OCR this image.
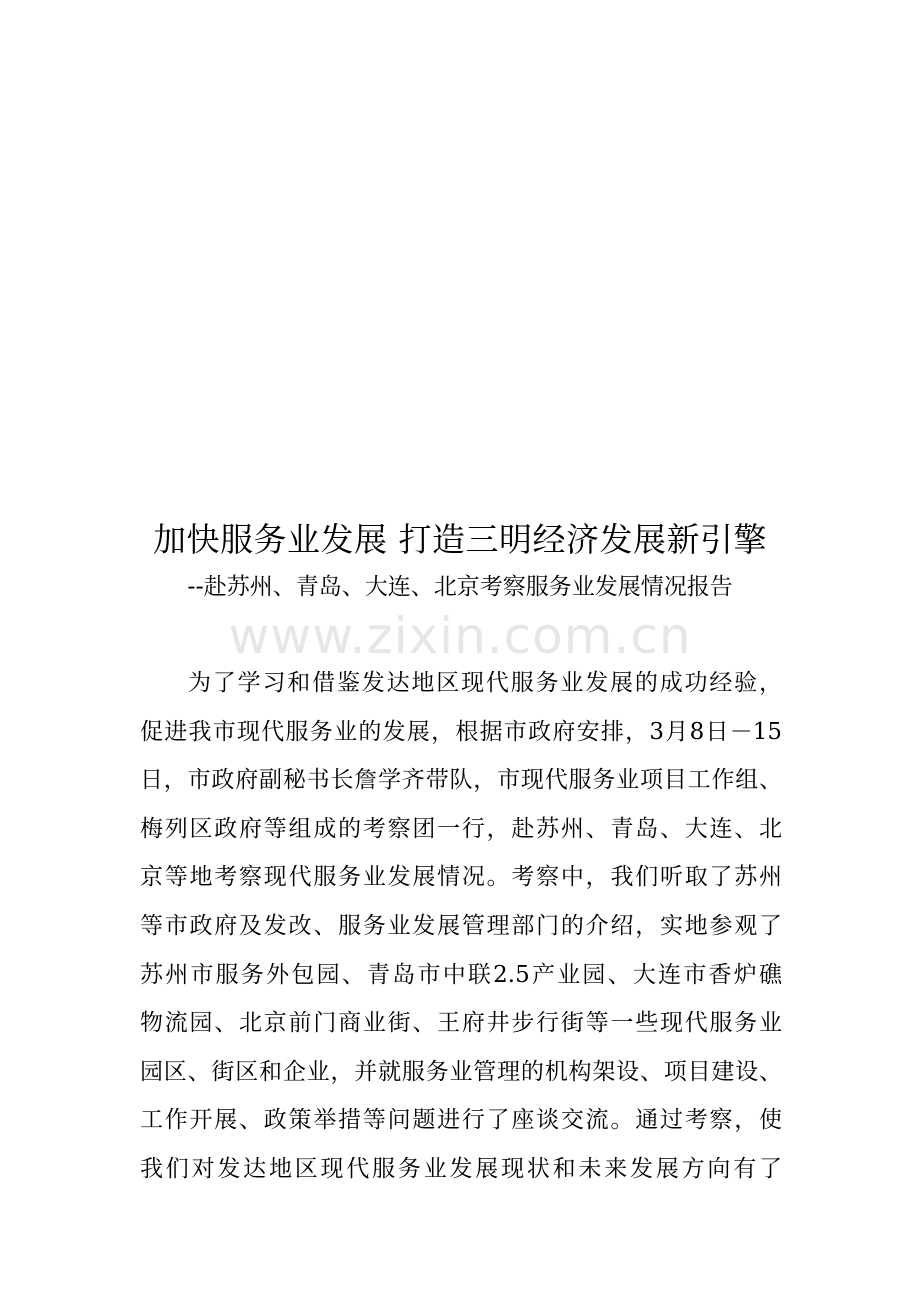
加快服务业发展 打造三明经济发展新引擎
--赴苏州、青岛、大连、北京考察服务业发展情况报告
www.zixin.com.cn
为了学习和借鉴发达地区现代服务业发展的成功经验，
促进我市现代服务业的发展，根据市政府安排，3月8日－15
日，市政府副秘书长詹学齐带队，市现代服务业项目工作组、
梅列区政府等组成的考察团一行，赴苏州、青岛、大连、北
京等地考察现代服务业发展情况。考察中，我们听取了苏州
等市政府及发改、服务业发展管理部门的介绍，实地参观了
苏州市服务外包园、青岛市中联2.5产业园、大连市香炉礁
物流园、北京前门商业街、王府井步行街等一些现代服务业
园区、街区和企业，并就服务业管理的机构架设、项目建设、
工作开展、政策举措等问题进行了座谈交流。通过考察，使
我们对发达地区现代服务业发展现状和未来发展方向有了
